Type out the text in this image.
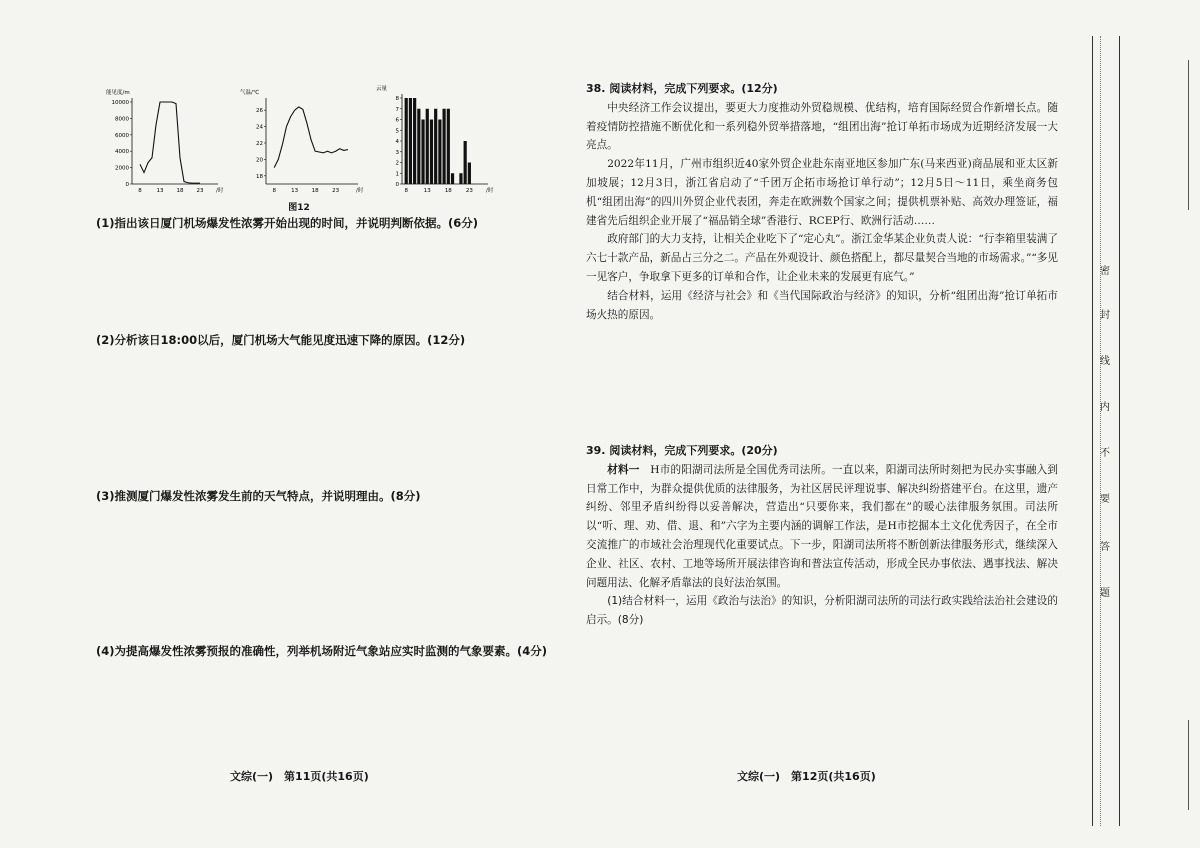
能见度/m
10000
8000
6000
4000
2000
0
8	13 18 23 /时
气温/℃
26
24
22
20
18
8	13 18 23	/时
云量
8
7
6
5
4
3
2
1
0
8	13	18	23 /时
图12
(1)指出该日厦门机场爆发性浓雾开始出现的时间，并说明判断依据。(6分)
(2)分析该日18:00以后，厦门机场大气能见度迅速下降的原因。(12分)
(3)推测厦门爆发性浓雾发生前的天气特点，并说明理由。(8分)
(4)为提高爆发性浓雾预报的准确性，列举机场附近气象站应实时监测的气象要素。(4分)
38. 阅读材料，完成下列要求。(12分)

中央经济工作会议提出，要更大力度推动外贸稳规模、优结构，培育国际经贸合作新增长点。随着疫情防控措施不断优化和一系列稳外贸举措落地，“组团出海”抢订单拓市场成为近期经济发展一大亮点。

2022年11月，广州市组织近40家外贸企业赴东南亚地区参加广东(马来西亚)商品展和亚太区新加坡展；12月3日，浙江省启动了“千团万企拓市场抢订单行动”；12月5日～11日，乘坐商务包机“组团出海”的四川外贸企业代表团，奔走在欧洲数个国家之间；提供机票补贴、高效办理签证，福建省先后组织企业开展了“福品销全球”香港行、RCEP行、欧洲行活动……

政府部门的大力支持，让相关企业吃下了“定心丸”。浙江金华某企业负责人说：“行李箱里装满了六七十款产品，新品占三分之二。产品在外观设计、颜色搭配上，都尽量契合当地的市场需求。”“多见一见客户，争取拿下更多的订单和合作，让企业未来的发展更有底气。”

结合材料，运用《经济与社会》和《当代国际政治与经济》的知识，分析“组团出海”抢订单拓市场火热的原因。

39. 阅读材料，完成下列要求。(20分)

材料一　 H市的阳湖司法所是全国优秀司法所。一直以来，阳湖司法所时刻把为民办实事融入到日常工作中，为群众提供优质的法律服务，为社区居民评理说事、解决纠纷搭建平台。在这里，遗产纠纷、邻里矛盾纠纷得以妥善解决，营造出“只要你来，我们都在”的暖心法律服务氛围。司法所以“听、理、劝、借、退、和”六字为主要内涵的调解工作法，是H市挖掘本土文化优秀因子，在全市交流推广的市域社会治理现代化重要试点。下一步，阳湖司法所将不断创新法律服务形式，继续深入企业、社区、农村、工地等场所开展法律咨询和普法宣传活动，形成全民办事依法、遇事找法、解决问题用法、化解矛盾靠法的良好法治氛围。

(1)结合材料一，运用《政治与法治》的知识，分析阳湖司法所的司法行政实践给法治社会建设的启示。(8分)

文综(一)　第11页(共16页)	文综(一)　第12页(共16页)
密
封
线
内
不
要
答
题
